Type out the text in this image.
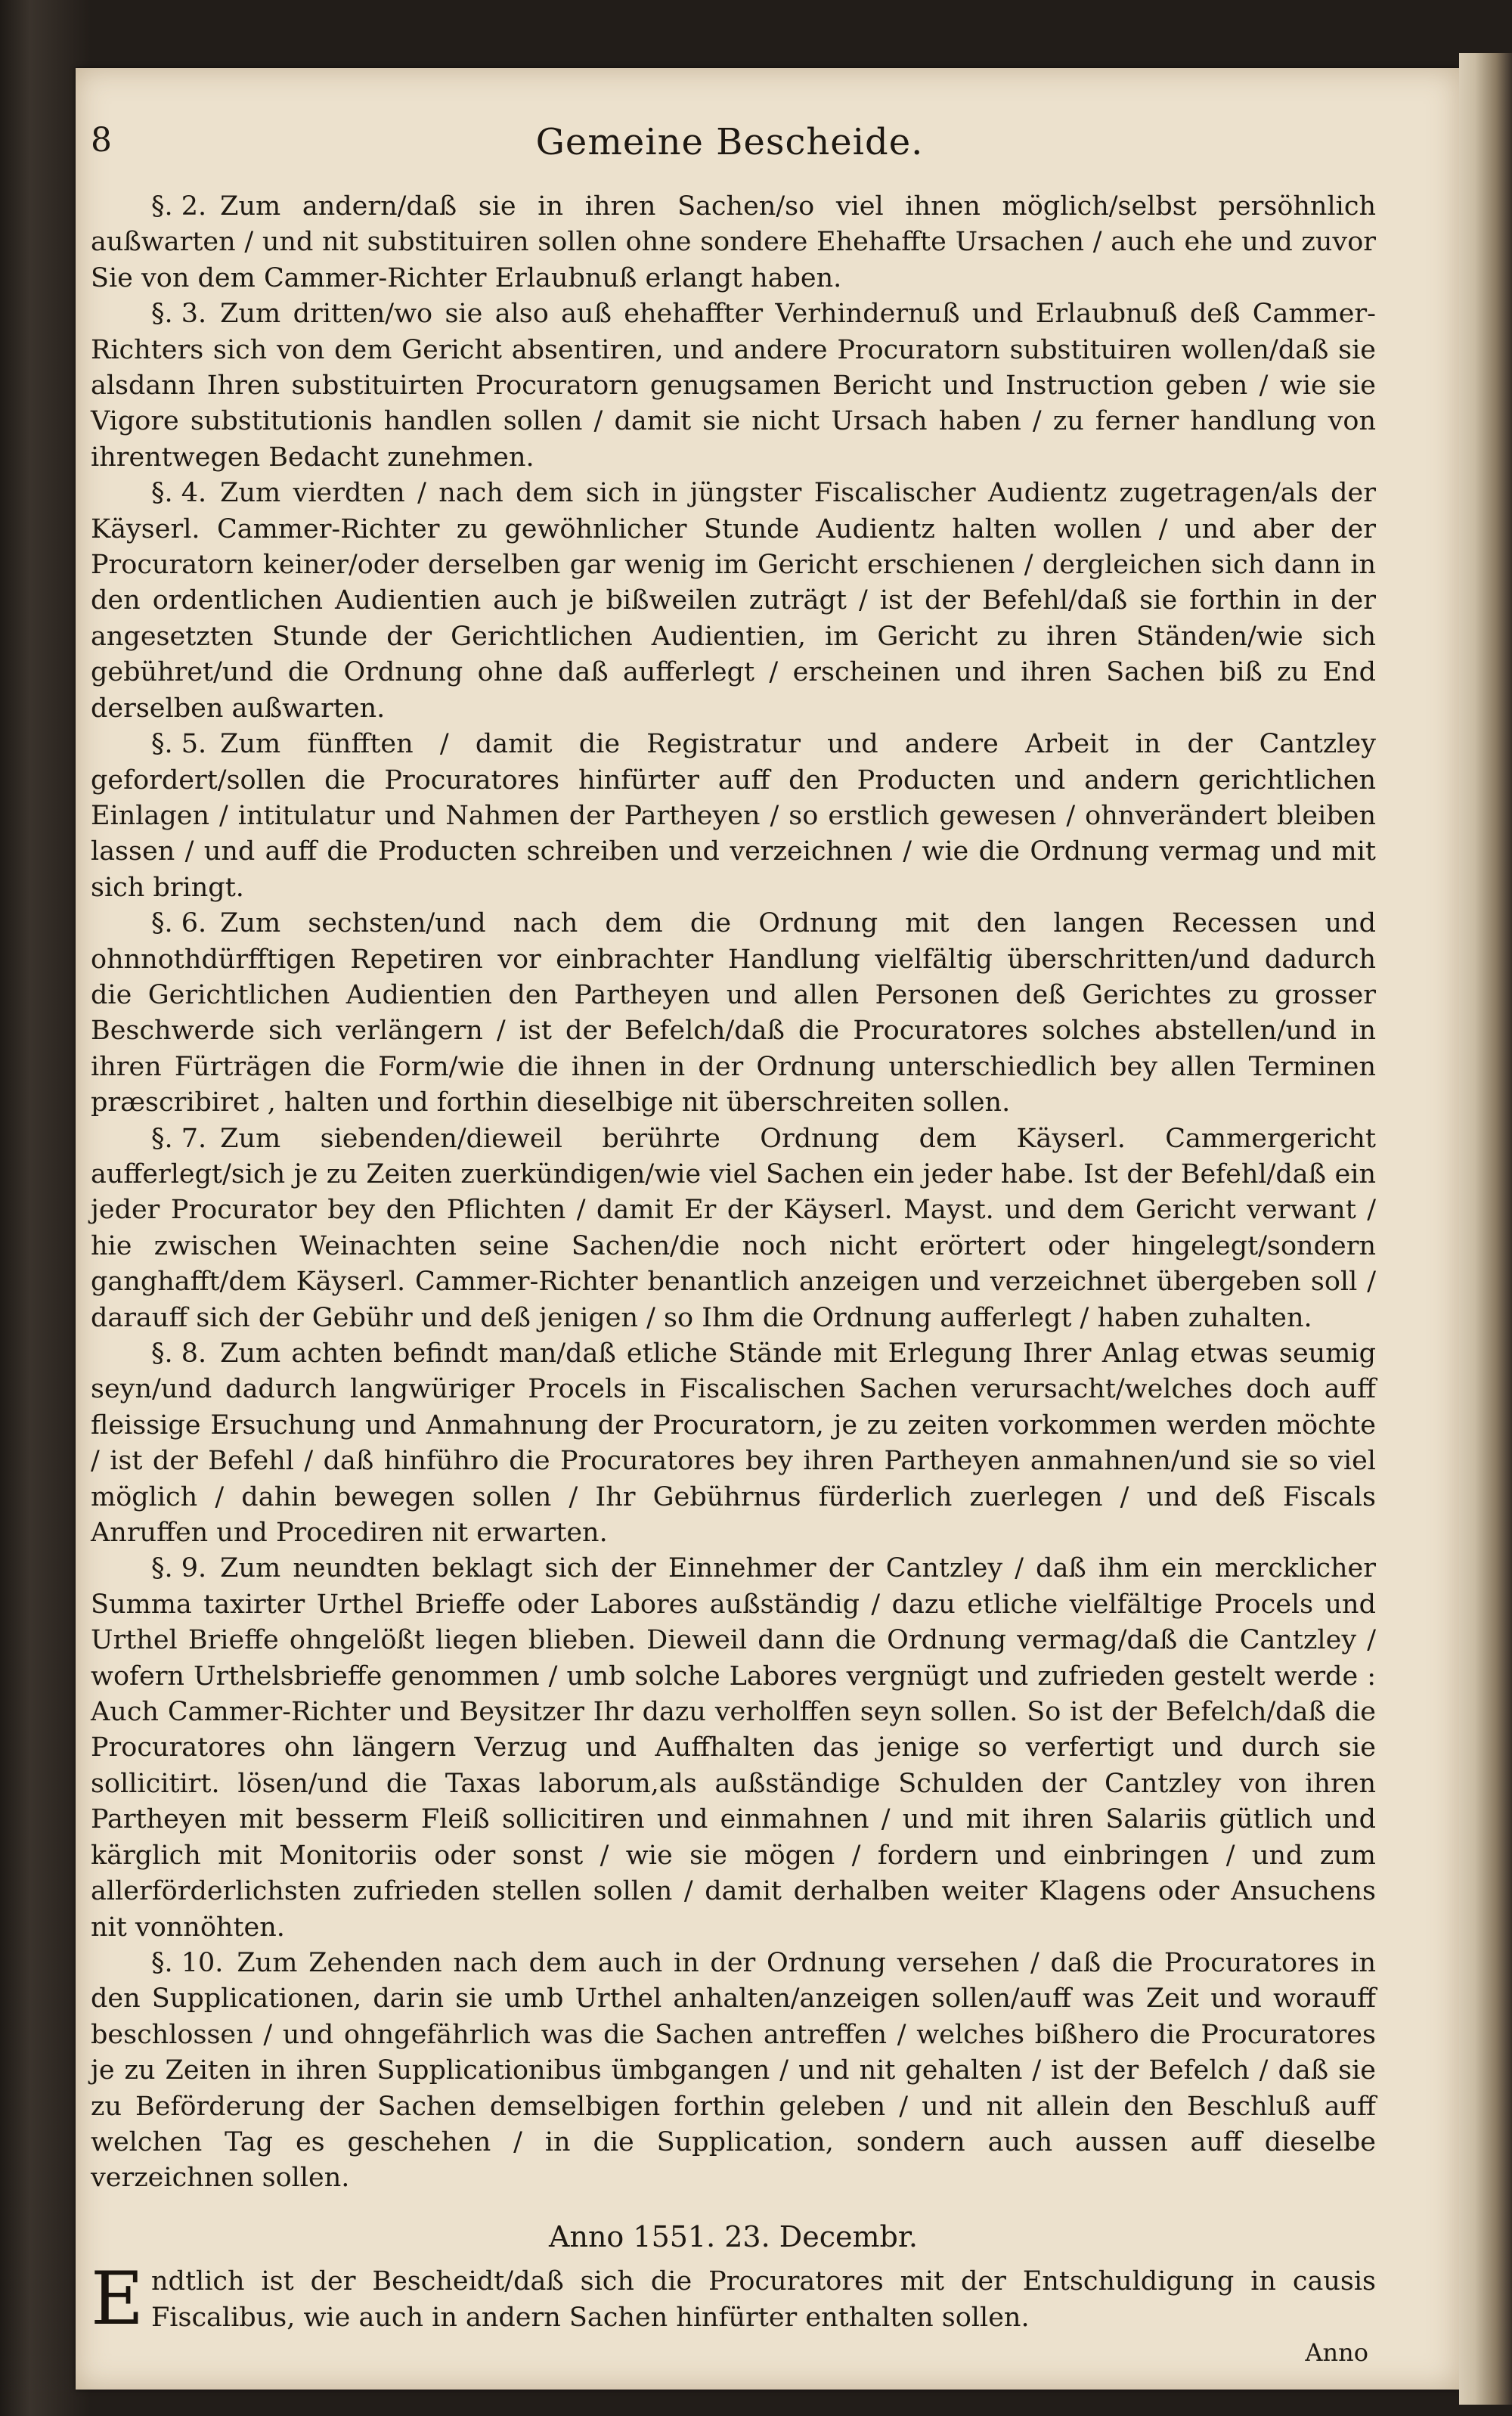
8	Gemeine Bescheide.

§. 2. Zum andern/daß sie in ihren Sachen/so viel ihnen möglich/selbst persöhnlich außwarten / und nit substituiren sollen ohne sondere Ehehaffte Ursachen / auch ehe und zuvor Sie von dem Cammer-Richter Erlaubnuß erlangt haben.

§. 3. Zum dritten/wo sie also auß ehehaffter Verhindernuß und Erlaubnuß deß Cammer-Richters sich von dem Gericht absentiren, und andere Procuratorn substituiren wollen/daß sie alsdann Ihren substituirten Procuratorn genugsamen Bericht und Instruction geben / wie sie Vigore substitutionis handlen sollen / damit sie nicht Ursach haben / zu ferner handlung von ihrentwegen Bedacht zunehmen.

§. 4. Zum vierdten / nach dem sich in jüngster Fiscalischer Audientz zugetragen/als der Käyserl. Cammer-Richter zu gewöhnlicher Stunde Audientz halten wollen / und aber der Procuratorn keiner/oder derselben gar wenig im Gericht erschienen / dergleichen sich dann in den ordentlichen Audientien auch je bißweilen zuträgt / ist der Befehl/daß sie forthin in der angesetzten Stunde der Gerichtlichen Audientien, im Gericht zu ihren Ständen/wie sich gebühret/und die Ordnung ohne daß aufferlegt / erscheinen und ihren Sachen biß zu End derselben außwarten.

§. 5. Zum fünfften / damit die Registratur und andere Arbeit in der Cantzley gefordert/sollen die Procuratores hinfürter auff den Producten und andern gerichtlichen Einlagen / intitulatur und Nahmen der Partheyen / so erstlich gewesen / ohnverändert bleiben lassen / und auff die Producten schreiben und verzeichnen / wie die Ordnung vermag und mit sich bringt.

§. 6. Zum sechsten/und nach dem die Ordnung mit den langen Recessen und ohnnothdürfftigen Repetiren vor einbrachter Handlung vielfältig überschritten/und dadurch die Gerichtlichen Audientien den Partheyen und allen Personen deß Gerichtes zu grosser Beschwerde sich verlängern / ist der Befelch/daß die Procuratores solches abstellen/und in ihren Fürträgen die Form/wie die ihnen in der Ordnung unterschiedlich bey allen Terminen præscribiret , halten und forthin dieselbige nit überschreiten sollen.

§. 7. Zum siebenden/dieweil berührte Ordnung dem Käyserl. Cammergericht aufferlegt/sich je zu Zeiten zuerkündigen/wie viel Sachen ein jeder habe. Ist der Befehl/daß ein jeder Procurator bey den Pflichten / damit Er der Käyserl. Mayst. und dem Gericht verwant / hie zwischen Weinachten seine Sachen/die noch nicht erörtert oder hingelegt/sondern ganghafft/dem Käyserl. Cammer-Richter benantlich anzeigen und verzeichnet übergeben soll / darauff sich der Gebühr und deß jenigen / so Ihm die Ordnung aufferlegt / haben zuhalten.

§. 8. Zum achten befindt man/daß etliche Stände mit Erlegung Ihrer Anlag etwas seumig seyn/und dadurch langwüriger Procels in Fiscalischen Sachen verursacht/welches doch auff fleissige Ersuchung und Anmahnung der Procuratorn, je zu zeiten vorkommen werden möchte / ist der Befehl / daß hinführo die Procuratores bey ihren Partheyen anmahnen/und sie so viel möglich / dahin bewegen sollen / Ihr Gebührnus fürderlich zuerlegen / und deß Fiscals Anruffen und Procediren nit erwarten.

§. 9. Zum neundten beklagt sich der Einnehmer der Cantzley / daß ihm ein mercklicher Summa taxirter Urthel Brieffe oder Labores außständig / dazu etliche vielfältige Procels und Urthel Brieffe ohngelößt liegen blieben. Dieweil dann die Ordnung vermag/daß die Cantzley / wofern Urthelsbrieffe genommen / umb solche Labores vergnügt und zufrieden gestelt werde : Auch Cammer-Richter und Beysitzer Ihr dazu verholffen seyn sollen. So ist der Befelch/daß die Procuratores ohn längern Verzug und Auffhalten das jenige so verfertigt und durch sie sollicitirt. lösen/und die Taxas laborum,als außständige Schulden der Cantzley von ihren Partheyen mit besserm Fleiß sollicitiren und einmahnen / und mit ihren Salariis gütlich und kärglich mit Monitoriis oder sonst / wie sie mögen / fordern und einbringen / und zum allerförderlichsten zufrieden stellen sollen / damit derhalben weiter Klagens oder Ansuchens nit vonnöhten.

§. 10. Zum Zehenden nach dem auch in der Ordnung versehen / daß die Procuratores in den Supplicationen, darin sie umb Urthel anhalten/anzeigen sollen/auff was Zeit und worauff beschlossen / und ohngefährlich was die Sachen antreffen / welches bißhero die Procuratores je zu Zeiten in ihren Supplicationibus ümbgangen / und nit gehalten / ist der Befelch / daß sie zu Beförderung der Sachen demselbigen forthin geleben / und nit allein den Beschluß auff welchen Tag es geschehen / in die Supplication, sondern auch aussen auff dieselbe verzeichnen sollen.

Anno 1551. 23. Decembr.

E ndtlich ist der Bescheidt/daß sich die Procuratores mit der Entschuldigung in causis Fiscalibus, wie auch in andern Sachen hinfürter enthalten sollen.
Anno
